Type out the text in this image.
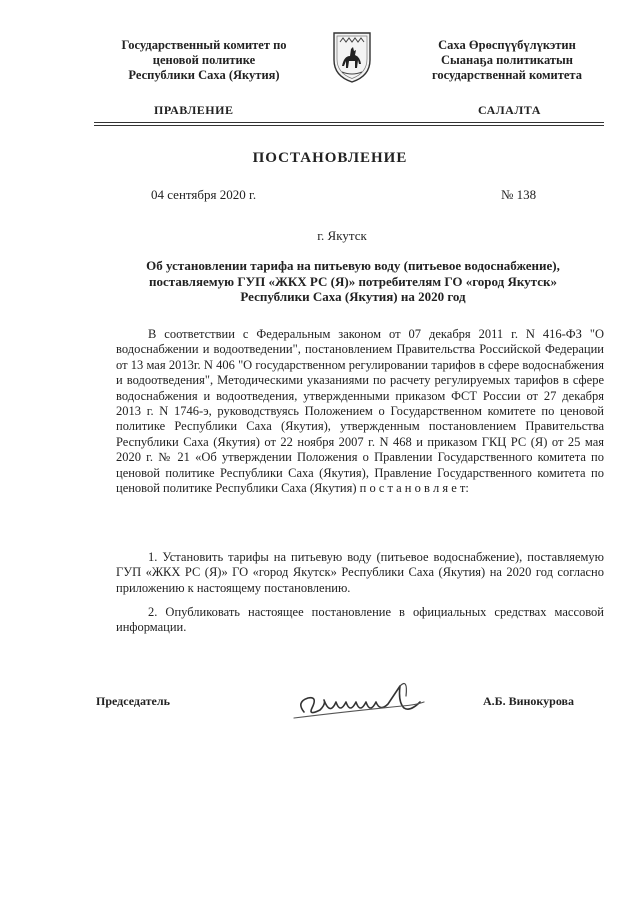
Государственный комитет по
ценовой политике
Республики Саха (Якутия)
Саха Өрөспүүбүлүкэтин
Сыанаҕа политикатын
государственнай комитета
ПРАВЛЕНИЕ	САЛАЛТА
ПОСТАНОВЛЕНИЕ
04 сентября 2020 г.	№ 138
г. Якутск
Об установлении тарифа на питьевую воду (питьевое водоснабжение),
поставляемую ГУП «ЖКХ РС (Я)» потребителям ГО «город Якутск»
Республики Саха (Якутия) на 2020 год
В соответствии с Федеральным законом от 07 декабря 2011 г. N 416-ФЗ "О водоснабжении и водоотведении", постановлением Правительства Российской Федерации от 13 мая 2013г. N 406 "О государственном регулировании тарифов в сфере водоснабжения и водоотведения", Методическими указаниями по расчету регулируемых тарифов в сфере водоснабжения и водоотведения, утвержденными приказом ФСТ России от 27 декабря 2013 г. N 1746-э, руководствуясь Положением о Государственном комитете по ценовой политике Республики Саха (Якутия), утвержденным постановлением Правительства Республики Саха (Якутия) от 22 ноября 2007 г. N 468 и приказом ГКЦ РС (Я) от 25 мая 2020 г. № 21 «Об утверждении Положения о Правлении Государственного комитета по ценовой политике Республики Саха (Якутия), Правление Государственного комитета по ценовой политике Республики Саха (Якутия) п о с т а н о в л я е т:
1. Установить тарифы на питьевую воду (питьевое водоснабжение), поставляемую ГУП «ЖКХ РС (Я)» ГО «город Якутск» Республики Саха (Якутия) на 2020 год согласно приложению к настоящему постановлению.
2. Опубликовать настоящее постановление в официальных средствах массовой информации.
Председатель	А.Б. Винокурова
